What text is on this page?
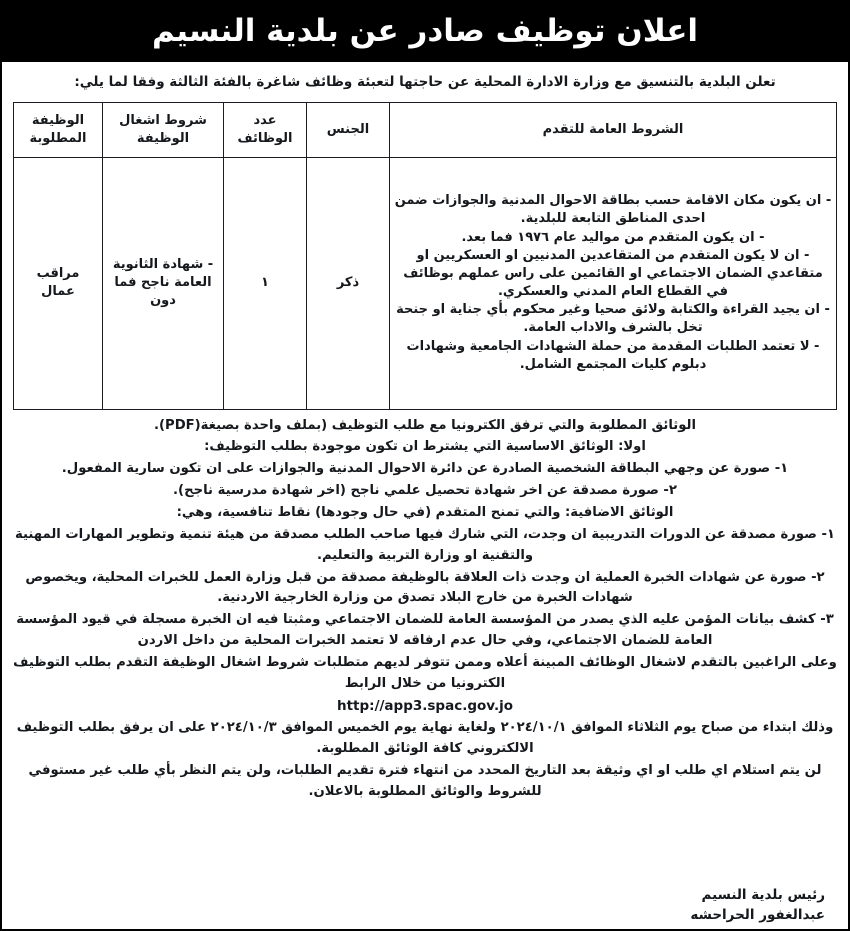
اعلان توظيف صادر عن بلدية النسيم
تعلن البلدية بالتنسيق مع وزارة الادارة المحلية عن حاجتها لتعبئة وظائف شاغرة بالفئة الثالثة وفقا لما يلي:
الشروط العامة للتقدم	الجنس	عدد الوظائف	شروط اشغال الوظيفة	الوظيفة المطلوبة

- ان يكون مكان الاقامة حسب بطاقة الاحوال المدنية والجوازات ضمن احدى المناطق التابعة للبلدية.
- ان يكون المتقدم من مواليد عام ١٩٧٦ فما بعد.
- ان لا يكون المتقدم من المتقاعدين المدنيين او العسكريين او متقاعدي الضمان الاجتماعي او القائمين على راس عملهم بوظائف في القطاع العام المدني والعسكري.
- ان يجيد القراءة والكتابة ولائق صحيا وغير محكوم بأي جناية او جنحة تخل بالشرف والاداب العامة.
- لا تعتمد الطلبات المقدمة من حملة الشهادات الجامعية وشهادات دبلوم كليات المجتمع الشامل.	ذكر	١	- شهادة الثانوية العامة ناجح فما دون	مراقب عمال

الوثائق المطلوبة والتي ترفق الكترونيا مع طلب التوظيف (بملف واحدة بصيغة(PDF).

اولا: الوثائق الاساسية التي يشترط ان تكون موجودة بطلب التوظيف:

١- صورة عن وجهي البطاقة الشخصية الصادرة عن دائرة الاحوال المدنية والجوازات على ان تكون سارية المفعول.

٢- صورة مصدقة عن اخر شهادة تحصيل علمي ناجح (اخر شهادة مدرسية ناجح).

الوثائق الاضافية: والتي تمنح المتقدم (في حال وجودها) نقاط تنافسية، وهي:

١- صورة مصدقة عن الدورات التدريبية ان وجدت، التي شارك فيها صاحب الطلب مصدقة من هيئة تنمية وتطوير المهارات المهنية والتقنية او وزارة التربية والتعليم.

٢- صورة عن شهادات الخبرة العملية ان وجدت ذات العلاقة بالوظيفة مصدقة من قبل وزارة العمل للخبرات المحلية، ويخصوص شهادات الخبرة من خارج البلاد تصدق من وزارة الخارجية الاردنية.

٣- كشف بيانات المؤمن عليه الذي يصدر من المؤسسة العامة للضمان الاجتماعي ومثبتا فيه ان الخبرة مسجلة في قيود المؤسسة العامة للضمان الاجتماعي، وفي حال عدم ارفاقه لا تعتمد الخبرات المحلية من داخل الاردن

وعلى الراغبين بالتقدم لاشغال الوظائف المبينة أعلاه وممن تتوفر لديهم متطلبات شروط اشغال الوظيفة التقدم بطلب التوظيف الكترونيا من خلال الرابط

http://app3.spac.gov.jo

وذلك ابتداء من صباح يوم الثلاثاء الموافق ٢٠٢٤/١٠/١ ولغاية نهاية يوم الخميس الموافق ٢٠٢٤/١٠/٣ على ان يرفق بطلب التوظيف الالكتروني كافة الوثائق المطلوبة.

لن يتم استلام اي طلب او اي وثيقة بعد التاريخ المحدد من انتهاء فترة تقديم الطلبات، ولن يتم النظر بأي طلب غير مستوفي للشروط والوثائق المطلوبة بالاعلان.

رئيس بلدية النسيم
عبدالغفور الحراحشه
